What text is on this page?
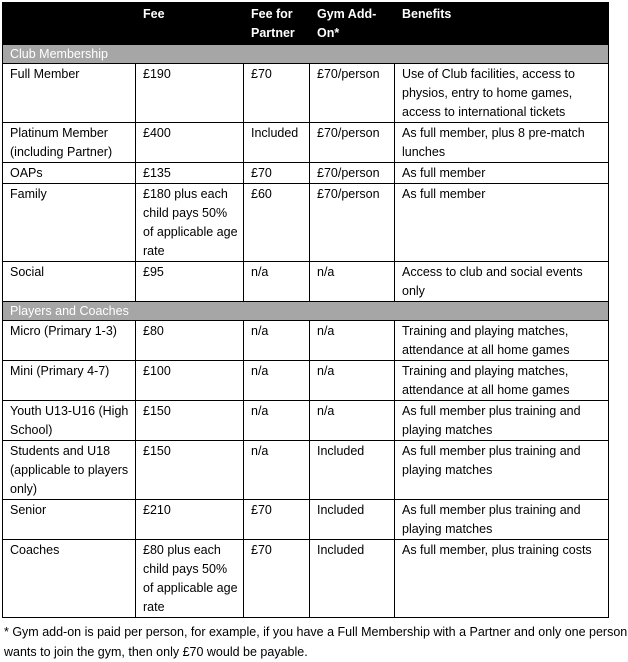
	Fee	Fee for Partner	Gym Add-On*	Benefits
Club Membership				
Full Member	£190	£70	£70/person	Use of Club facilities, access to physios, entry to home games, access to international tickets
Platinum Member (including Partner)	£400	Included	£70/person	As full member, plus 8 pre-match lunches
OAPs	£135	£70	£70/person	As full member
Family	£180 plus each child pays 50% of applicable age rate	£60	£70/person	As full member
Social	£95	n/a	n/a	Access to club and social events only
Players and Coaches				
Micro (Primary 1-3)	£80	n/a	n/a	Training and playing matches, attendance at all home games
Mini (Primary 4-7)	£100	n/a	n/a	Training and playing matches, attendance at all home games
Youth U13-U16 (High School)	£150	n/a	n/a	As full member plus training and playing matches
Students and U18 (applicable to players only)	£150	n/a	Included	As full member plus training and playing matches
Senior	£210	£70	Included	As full member plus training and playing matches
Coaches	£80 plus each child pays 50% of applicable age rate	£70	Included	As full member, plus training costs
* Gym add-on is paid per person, for example, if you have a Full Membership with a Partner and only one person wants to join the gym, then only £70 would be payable.
